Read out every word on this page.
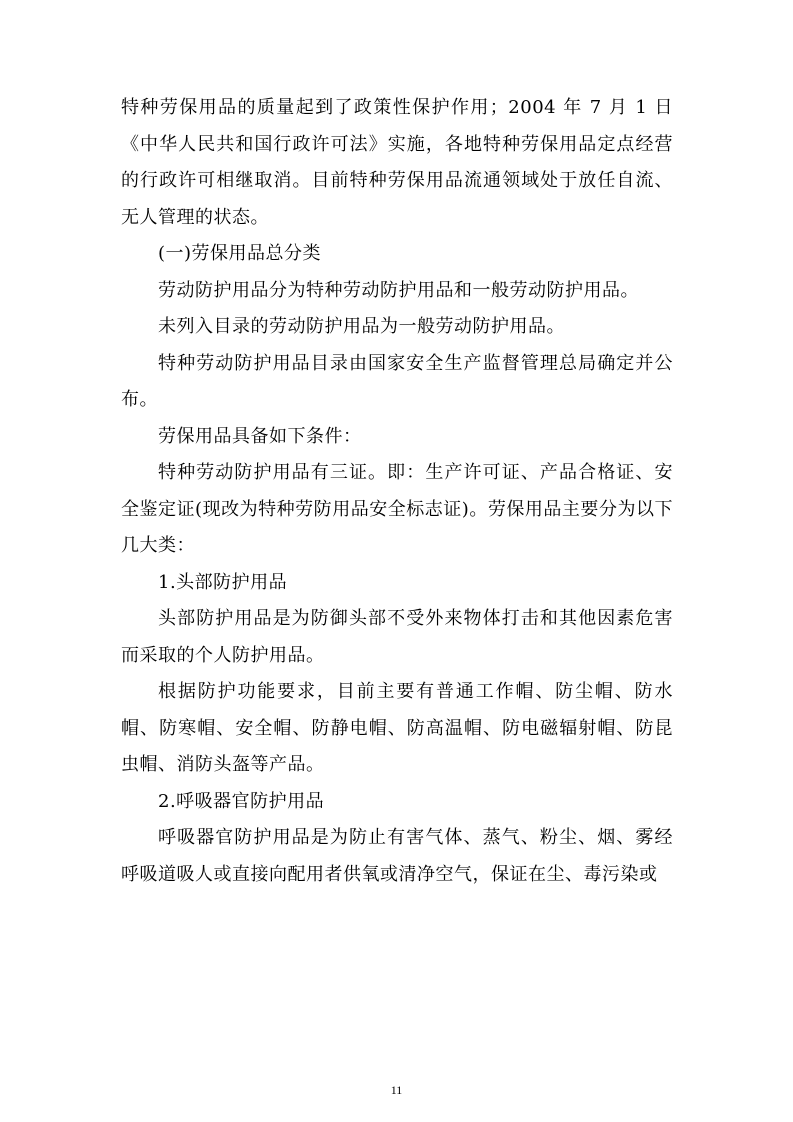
特种劳保用品的质量起到了政策性保护作用；2004 年 7 月 1 日《中华人民共和国行政许可法》实施，各地特种劳保用品定点经营的行政许可相继取消。目前特种劳保用品流通领域处于放任自流、无人管理的状态。

(一)劳保用品总分类

劳动防护用品分为特种劳动防护用品和一般劳动防护用品。

未列入目录的劳动防护用品为一般劳动防护用品。

特种劳动防护用品目录由国家安全生产监督管理总局确定并公布。

劳保用品具备如下条件：

特种劳动防护用品有三证。即：生产许可证、产品合格证、安全鉴定证(现改为特种劳防用品安全标志证)。劳保用品主要分为以下几大类：

1.头部防护用品

头部防护用品是为防御头部不受外来物体打击和其他因素危害而采取的个人防护用品。

根据防护功能要求，目前主要有普通工作帽、防尘帽、防水帽、防寒帽、安全帽、防静电帽、防高温帽、防电磁辐射帽、防昆虫帽、消防头盔等产品。

2.呼吸器官防护用品

呼吸器官防护用品是为防止有害气体、蒸气、粉尘、烟、雾经呼吸道吸人或直接向配用者供氧或清净空气，保证在尘、毒污染或

11
